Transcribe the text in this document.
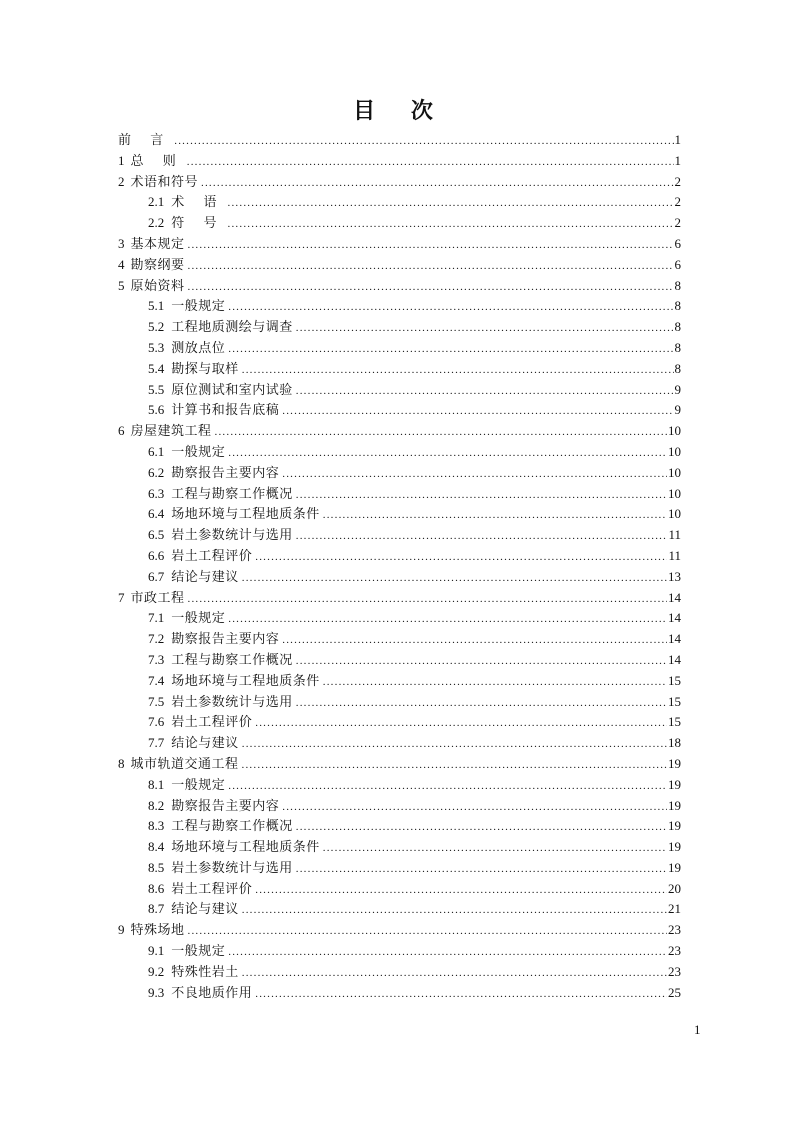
目 次
前 言 .....	1
1 总 则 .....	1
2 术语和符号 .....	2
2.1 术 语 .....	2
2.2 符 号 .....	2
3 基本规定 .....	6
4 勘察纲要 .....	6
5 原始资料 .....	8
5.1 一般规定 .....	8
5.2 工程地质测绘与调查 .....	8
5.3 测放点位 .....	8
5.4 勘探与取样 .....	8
5.5 原位测试和室内试验 .....	9
5.6 计算书和报告底稿 .....	9
6 房屋建筑工程 .....	10
6.1 一般规定 .....	10
6.2 勘察报告主要内容 .....	10
6.3 工程与勘察工作概况 .....	10
6.4 场地环境与工程地质条件 .....	10
6.5 岩土参数统计与选用 .....	11
6.6 岩土工程评价 .....	11
6.7 结论与建议 .....	13
7 市政工程 .....	14
7.1 一般规定 .....	14
7.2 勘察报告主要内容 .....	14
7.3 工程与勘察工作概况 .....	14
7.4 场地环境与工程地质条件 .....	15
7.5 岩土参数统计与选用 .....	15
7.6 岩土工程评价 .....	15
7.7 结论与建议 .....	18
8 城市轨道交通工程 .....	19
8.1 一般规定 .....	19
8.2 勘察报告主要内容 .....	19
8.3 工程与勘察工作概况 .....	19
8.4 场地环境与工程地质条件 .....	19
8.5 岩土参数统计与选用 .....	19
8.6 岩土工程评价 .....	20
8.7 结论与建议 .....	21
9 特殊场地 .....	23
9.1 一般规定 .....	23
9.2 特殊性岩土 .....	23
9.3 不良地质作用 .....	25
1
